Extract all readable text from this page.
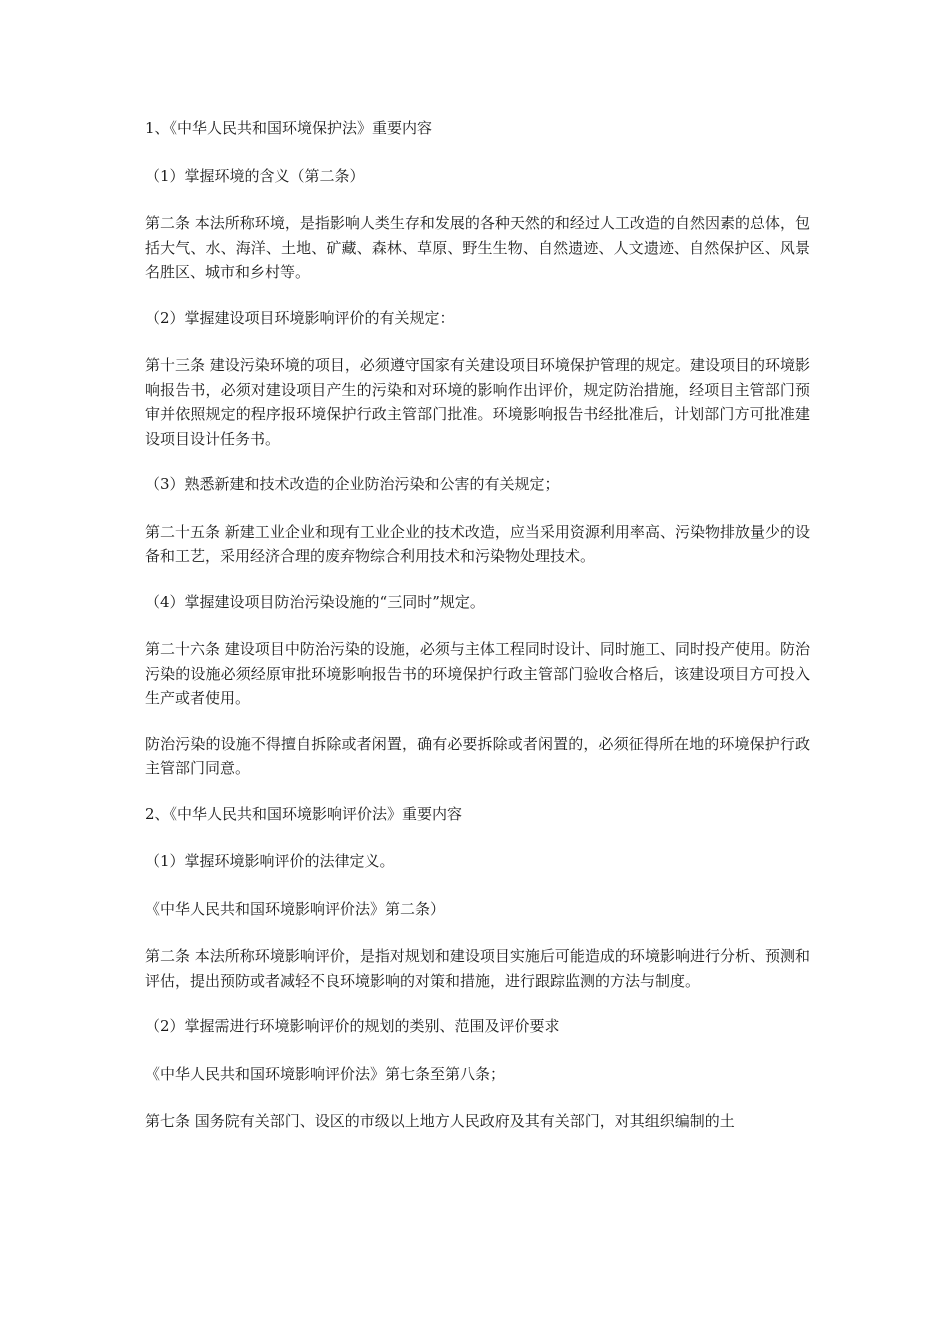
1、《中华人民共和国环境保护法》重要内容

（1）掌握环境的含义（第二条）

第二条 本法所称环境，是指影响人类生存和发展的各种天然的和经过人工改造的自然因素的总体，包括大气、水、海洋、土地、矿藏、森林、草原、野生生物、自然遗迹、人文遗迹、自然保护区、风景名胜区、城市和乡村等。

（2）掌握建设项目环境影响评价的有关规定：

第十三条 建设污染环境的项目，必须遵守国家有关建设项目环境保护管理的规定。建设项目的环境影响报告书，必须对建设项目产生的污染和对环境的影响作出评价，规定防治措施，经项目主管部门预审并依照规定的程序报环境保护行政主管部门批准。环境影响报告书经批准后，计划部门方可批准建设项目设计任务书。

（3）熟悉新建和技术改造的企业防治污染和公害的有关规定；

第二十五条 新建工业企业和现有工业企业的技术改造，应当采用资源利用率高、污染物排放量少的设备和工艺，采用经济合理的废弃物综合利用技术和污染物处理技术。

（4）掌握建设项目防治污染设施的“三同时”规定。

第二十六条 建设项目中防治污染的设施，必须与主体工程同时设计、同时施工、同时投产使用。防治污染的设施必须经原审批环境影响报告书的环境保护行政主管部门验收合格后，该建设项目方可投入生产或者使用。

防治污染的设施不得擅自拆除或者闲置，确有必要拆除或者闲置的，必须征得所在地的环境保护行政主管部门同意。

2、《中华人民共和国环境影响评价法》重要内容

（1）掌握环境影响评价的法律定义。

《中华人民共和国环境影响评价法》第二条）

第二条 本法所称环境影响评价，是指对规划和建设项目实施后可能造成的环境影响进行分析、预测和评估，提出预防或者减轻不良环境影响的对策和措施，进行跟踪监测的方法与制度。

（2）掌握需进行环境影响评价的规划的类别、范围及评价要求

《中华人民共和国环境影响评价法》第七条至第八条；

第七条 国务院有关部门、设区的市级以上地方人民政府及其有关部门，对其组织编制的土
